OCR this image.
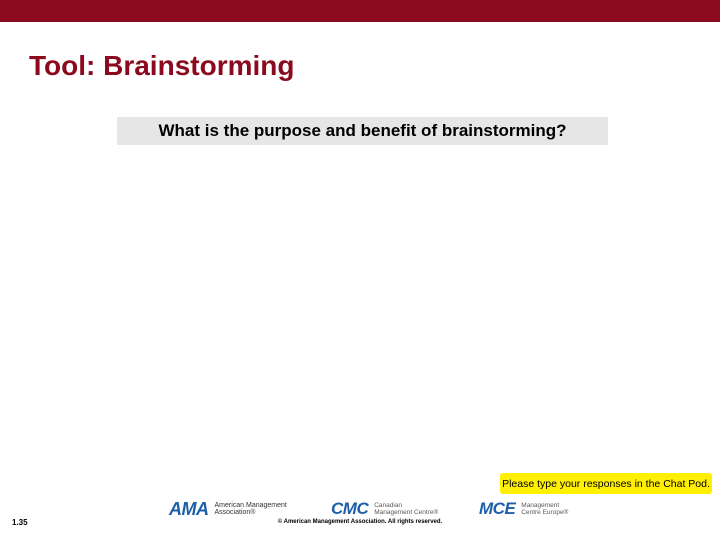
Tool: Brainstorming
What is the purpose and benefit of brainstorming?
Please type your responses in the Chat Pod.
AMA American Management
Association®	CMC Canadian
Management Centre® MCE Management
Centre Europe®
1.35	© American Management Association. All rights reserved.
